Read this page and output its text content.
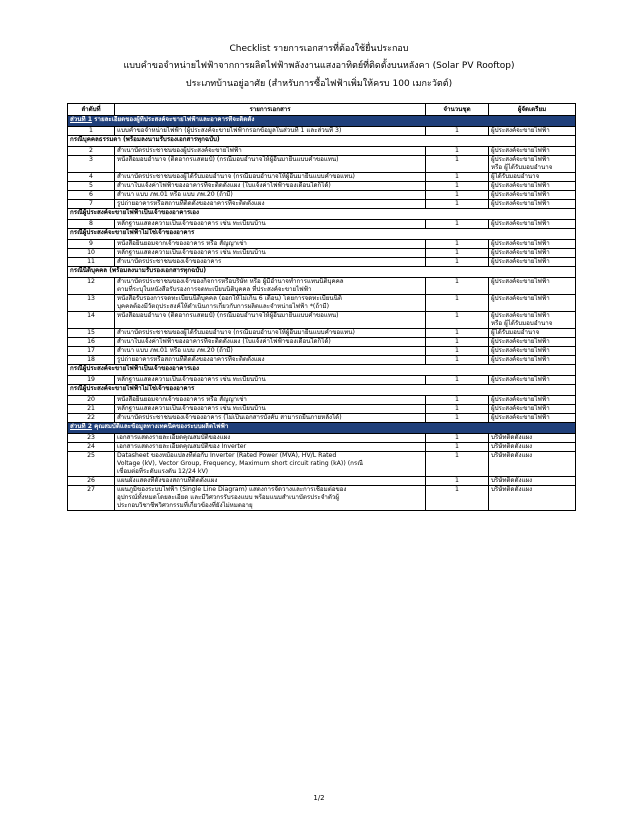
Checklist รายการเอกสารที่ต้องใช้ยื่นประกอบ
แบบคำขอจำหน่ายไฟฟ้าจากการผลิตไฟฟ้าพลังงานแสงอาทิตย์ที่ติดตั้งบนหลังคา (Solar PV Rooftop)
ประเภทบ้านอยู่อาศัย (สำหรับการซื้อไฟฟ้าเพิ่มให้ครบ 100 เมกะวัตต์)
ลำดับที่	รายการเอกสาร	จำนวนชุด	ผู้จัดเตรียม
ส่วนที่ 1 รายละเอียดของผู้ที่ประสงค์จะขายไฟฟ้าและอาคารที่จะติดตั้ง			
1	แบบคำขอจำหน่ายไฟฟ้า (ผู้ประสงค์จะขายไฟฟ้ากรอกข้อมูลในส่วนที่ 1 และส่วนที่ 3)	1	ผู้ประสงค์จะขายไฟฟ้า

กรณีบุคคลธรรมดา (พร้อมลงนามรับรองเอกสารทุกฉบับ)			
2	สำเนาบัตรประชาชนของผู้ประสงค์จะขายไฟฟ้า	1	ผู้ประสงค์จะขายไฟฟ้า

3	หนังสือมอบอำนาจ (ติดอากรแสตมป์) (กรณีมอบอำนาจให้ผู้อื่นมายื่นแบบคำขอแทน)	1	ผู้ประสงค์จะขายไฟฟ้า
หรือ ผู้ได้รับมอบอำนาจ

4	สำเนาบัตรประชาชนของผู้ได้รับมอบอำนาจ (กรณีมอบอำนาจให้ผู้อื่นมายื่นแบบคำขอแทน)	1	ผู้ได้รับมอบอำนาจ

5	สำเนาใบแจ้งค่าไฟฟ้าของอาคารที่จะติดตั้งแผง (ใบแจ้งค่าไฟฟ้าของเดือนใดก็ได้)	1	ผู้ประสงค์จะขายไฟฟ้า

6	สำเนา แบบ ภพ.01 หรือ แบบ ภพ.20 (ถ้ามี)	1	ผู้ประสงค์จะขายไฟฟ้า

7	รูปถ่ายอาคารหรือสถานที่ติดตั้งของอาคารที่จะติดตั้งแผง	1	ผู้ประสงค์จะขายไฟฟ้า

กรณีผู้ประสงค์จะขายไฟฟ้าเป็นเจ้าของอาคารเอง			
8	หลักฐานแสดงความเป็นเจ้าของอาคาร เช่น ทะเบียนบ้าน	1	ผู้ประสงค์จะขายไฟฟ้า

กรณีผู้ประสงค์จะขายไฟฟ้าไม่ใช่เจ้าของอาคาร			
9	หนังสือยินยอมจากเจ้าของอาคาร หรือ สัญญาเช่า	1	ผู้ประสงค์จะขายไฟฟ้า

10	หลักฐานแสดงความเป็นเจ้าของอาคาร เช่น ทะเบียนบ้าน	1	ผู้ประสงค์จะขายไฟฟ้า

11	สำเนาบัตรประชาชนของเจ้าของอาคาร	1	ผู้ประสงค์จะขายไฟฟ้า

กรณีนิติบุคคล (พร้อมลงนามรับรองเอกสารทุกฉบับ)			
12	สำเนาบัตรประชาชนของเจ้าของกิจการหรือบริษัท หรือ ผู้มีอำนาจทำการแทนนิติบุคคล
ตามที่ระบุในหนังสือรับรองการจดทะเบียนนิติบุคคล ที่ประสงค์จะขายไฟฟ้า	1	ผู้ประสงค์จะขายไฟฟ้า

13	หนังสือรับรองการจดทะเบียนนิติบุคคล (ออกให้ไม่เกิน 6 เดือน) โดยการจดทะเบียนนิติ
บุคคลต้องมีวัตถุประสงค์ให้ดำเนินการเกี่ยวกับการผลิตและจำหน่ายไฟฟ้า *(ถ้ามี)	1	ผู้ประสงค์จะขายไฟฟ้า

14	หนังสือมอบอำนาจ (ติดอากรแสตมป์) (กรณีมอบอำนาจให้ผู้อื่นมายื่นแบบคำขอแทน)	1	ผู้ประสงค์จะขายไฟฟ้า
หรือ ผู้ได้รับมอบอำนาจ

15	สำเนาบัตรประชาชนของผู้ได้รับมอบอำนาจ (กรณีมอบอำนาจให้ผู้อื่นมายื่นแบบคำขอแทน)	1	ผู้ได้รับมอบอำนาจ

16	สำเนาใบแจ้งค่าไฟฟ้าของอาคารที่จะติดตั้งแผง (ใบแจ้งค่าไฟฟ้าของเดือนใดก็ได้)	1	ผู้ประสงค์จะขายไฟฟ้า

17	สำเนา แบบ ภพ.01 หรือ แบบ ภพ.20 (ถ้ามี)	1	ผู้ประสงค์จะขายไฟฟ้า

18	รูปถ่ายอาคารหรือสถานที่ติดตั้งของอาคารที่จะติดตั้งแผง	1	ผู้ประสงค์จะขายไฟฟ้า

กรณีผู้ประสงค์จะขายไฟฟ้าเป็นเจ้าของอาคารเอง			
19	หลักฐานแสดงความเป็นเจ้าของอาคาร เช่น ทะเบียนบ้าน	1	ผู้ประสงค์จะขายไฟฟ้า

กรณีผู้ประสงค์จะขายไฟฟ้าไม่ใช่เจ้าของอาคาร			
20	หนังสือยินยอมจากเจ้าของอาคาร หรือ สัญญาเช่า	1	ผู้ประสงค์จะขายไฟฟ้า

21	หลักฐานแสดงความเป็นเจ้าของอาคาร เช่น ทะเบียนบ้าน	1	ผู้ประสงค์จะขายไฟฟ้า

22	สำเนาบัตรประชาชนของเจ้าของอาคาร (ไม่เป็นเอกสารบังคับ สามารถยื่นภายหลังได้)	1	ผู้ประสงค์จะขายไฟฟ้า

ส่วนที่ 2 คุณสมบัติและข้อมูลทางเทคนิคของระบบผลิตไฟฟ้า			
23	เอกสารแสดงรายละเอียดคุณสมบัติของแผง	1	บริษัทติดตั้งแผง

24	เอกสารแสดงรายละเอียดคุณสมบัติของ Inverter	1	บริษัทติดตั้งแผง

25	Datasheet ของหม้อแปลงที่ต่อกับ Inverter (Rated Power (MVA), HV/L Rated
Voltage (kV), Vector Group, Frequency, Maximum short circuit rating (kA)) (กรณี
เชื่อมต่อที่ระดับแรงดัน 12/24 kV)	1	บริษัทติดตั้งแผง

26	แผนผังแสดงที่ตั้งของสถานที่ติดตั้งแผง	1	บริษัทติดตั้งแผง

27	แผนภูมิของระบบไฟฟ้า (Single Line Diagram) แสดงการจัดวางและการเชื่อมต่อของ
อุปกรณ์ทั้งหมดโดยละเอียด และมีวิศวกรรับรองแบบ พร้อมแนบสำเนาบัตรประจำตัวผู้
ประกอบวิชาชีพวิศวกรรมที่เกี่ยวข้องที่ยังไม่หมดอายุ	1	บริษัทติดตั้งแผง
1/2
